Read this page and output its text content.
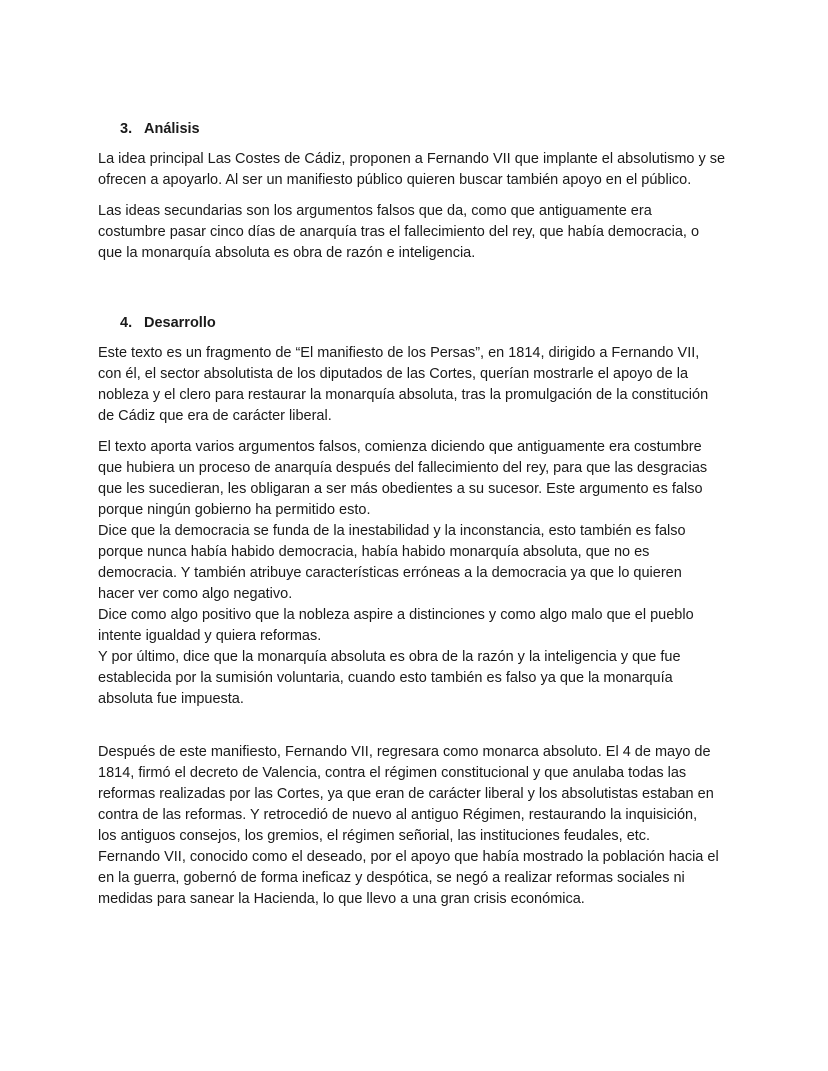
3. Análisis
La idea principal Las Costes de Cádiz, proponen a Fernando VII que implante el absolutismo y se
ofrecen a apoyarlo. Al ser un manifiesto público quieren buscar también apoyo en el público.
Las ideas secundarias son los argumentos falsos que da, como que antiguamente era
costumbre pasar cinco días de anarquía tras el fallecimiento del rey, que había democracia, o
que la monarquía absoluta es obra de razón e inteligencia.
4. Desarrollo
Este texto es un fragmento de “El manifiesto de los Persas”, en 1814, dirigido a Fernando VII,
con él, el sector absolutista de los diputados de las Cortes, querían mostrarle el apoyo de la
nobleza y el clero para restaurar la monarquía absoluta, tras la promulgación de la constitución
de Cádiz que era de carácter liberal.
El texto aporta varios argumentos falsos, comienza diciendo que antiguamente era costumbre
que hubiera un proceso de anarquía después del fallecimiento del rey, para que las desgracias
que les sucedieran, les obligaran a ser más obedientes a su sucesor. Este argumento es falso
porque ningún gobierno ha permitido esto.
Dice que la democracia se funda de la inestabilidad y la inconstancia, esto también es falso
porque nunca había habido democracia, había habido monarquía absoluta, que no es
democracia. Y también atribuye características erróneas a la democracia ya que lo quieren
hacer ver como algo negativo.
Dice como algo positivo que la nobleza aspire a distinciones y como algo malo que el pueblo
intente igualdad y quiera reformas.
Y por último, dice que la monarquía absoluta es obra de la razón y la inteligencia y que fue
establecida por la sumisión voluntaria, cuando esto también es falso ya que la monarquía
absoluta fue impuesta.
Después de este manifiesto, Fernando VII, regresara como monarca absoluto. El 4 de mayo de
1814, firmó el decreto de Valencia, contra el régimen constitucional y que anulaba todas las
reformas realizadas por las Cortes, ya que eran de carácter liberal y los absolutistas estaban en
contra de las reformas. Y retrocedió de nuevo al antiguo Régimen, restaurando la inquisición,
los antiguos consejos, los gremios, el régimen señorial, las instituciones feudales, etc.
Fernando VII, conocido como el deseado, por el apoyo que había mostrado la población hacia el
en la guerra, gobernó de forma ineficaz y despótica, se negó a realizar reformas sociales ni
medidas para sanear la Hacienda, lo que llevo a una gran crisis económica.
